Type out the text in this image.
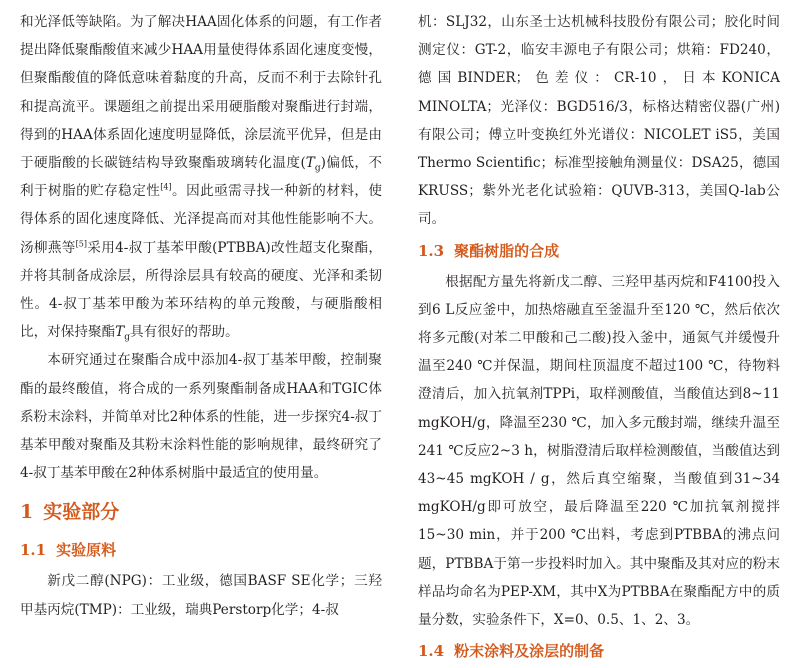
和光泽低等缺陷。为了解决HAA固化体系的问题，有工作者提出降低聚酯酸值来减少HAA用量使得体系固化速度变慢，但聚酯酸值的降低意味着黏度的升高，反而不利于去除针孔和提高流平。课题组之前提出采用硬脂酸对聚酯进行封端，得到的HAA体系固化速度明显降低，涂层流平优异，但是由于硬脂酸的长碳链结构导致聚酯玻璃转化温度$(T_g)$偏低，不利于树脂的贮存稳定性[4]。因此亟需寻找一种新的材料，使得体系的固化速度降低、光泽提高而对其他性能影响不大。汤柳燕等[5]采用4-叔丁基苯甲酸(PTBBA)改性超支化聚酯，并将其制备成涂层，所得涂层具有较高的硬度、光泽和柔韧性。4-叔丁基苯甲酸为苯环结构的单元羧酸，与硬脂酸相比，对保持聚酯$T_g$具有很好的帮助。

本研究通过在聚酯合成中添加4-叔丁基苯甲酸，控制聚酯的最终酸值，将合成的一系列聚酯制备成HAA和TGIC体系粉末涂料，并简单对比2种体系的性能，进一步探究4-叔丁基苯甲酸对聚酯及其粉末涂料性能的影响规律，最终研究了4-叔丁基苯甲酸在2种体系树脂中最适宜的使用量。

1 实验部分
1.1 实验原料

新戊二醇(NPG)：工业级，德国BASF SE化学；三羟甲基丙烷(TMP)：工业级，瑞典Perstorp化学；4-叔

机：SLJ32，山东圣士达机械科技股份有限公司；胶化时间测定仪：GT-2，临安丰源电子有限公司；烘箱：FD240，德国BINDER；色差仪：CR-10，日本KONICA MINOLTA；光泽仪：BGD516/3，标格达精密仪器(广州)有限公司；傅立叶变换红外光谱仪：NICOLET iS5，美国Thermo Scientific；标准型接触角测量仪：DSA25，德国KRUSS；紫外光老化试验箱：QUVB-313，美国Q-lab公司。

1.3 聚酯树脂的合成

根据配方量先将新戊二醇、三羟甲基丙烷和F4100投入到6 L反应釜中，加热熔融直至釜温升至120 ℃，然后依次将多元酸(对苯二甲酸和己二酸)投入釜中，通氮气并缓慢升温至240 ℃并保温，期间柱顶温度不超过100 ℃，待物料澄清后，加入抗氧剂TPPi，取样测酸值，当酸值达到8~11 mgKOH/g，降温至230 ℃，加入多元酸封端，继续升温至241 ℃反应2~3 h，树脂澄清后取样检测酸值，当酸值达到43~45 mgKOH / g，然后真空缩聚，当酸值到31~34 mgKOH/g即可放空，最后降温至220 ℃加抗氧剂搅拌15~30 min，并于200 ℃出料，考虑到PTBBA的沸点问题，PTBBA于第一步投料时加入。其中聚酯及其对应的粉末样品均命名为PEP-XM，其中X为PTBBA在聚酯配方中的质量分数，实验条件下，X=0、0.5、1、2、3。

1.4 粉末涂料及涂层的制备
